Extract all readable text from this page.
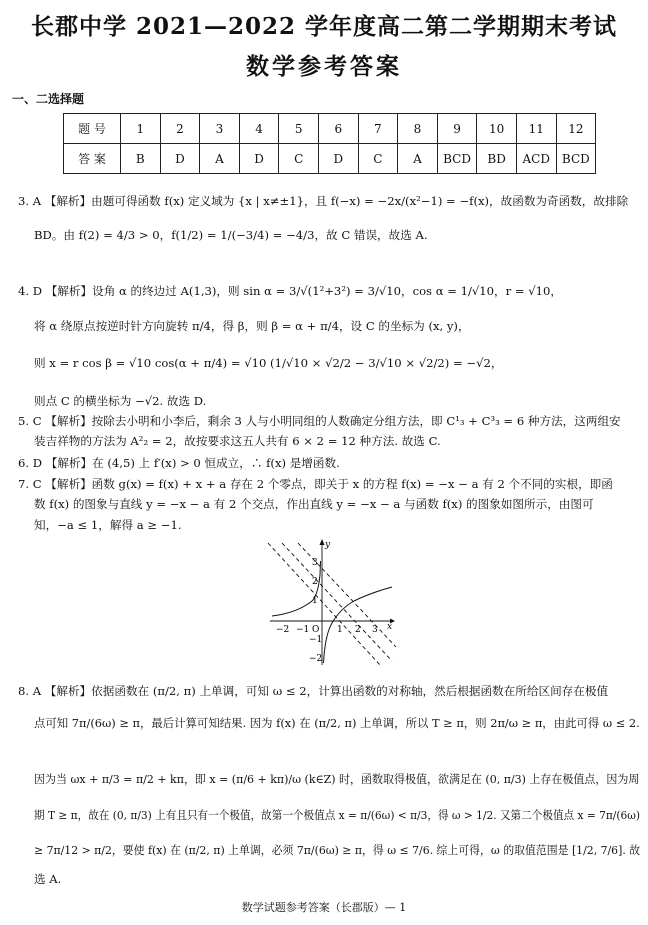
长郡中学 2021—2022 学年度高二第二学期期末考试
数学参考答案
一、二选择题
题 号	1	2	3	4	5	6	7	8	9	10	11	12
答 案	B	D	A	D	C	D	C	A	BCD	BD	ACD	BCD
3. A 【解析】由题可得函数 f(x) 定义域为 {x | x≠±1}，且 f(−x) = −2x/(x²−1) = −f(x)，故函数为奇函数，故排除
BD。由 f(2) = 4/3 > 0，f(1/2) = 1/(−3/4) = −4/3，故 C 错误，故选 A.
4. D 【解析】设角 α 的终边过 A(1,3)，则 sin α = 3/√(1²+3²) = 3/√10，cos α = 1/√10，r = √10，
将 α 绕原点按逆时针方向旋转 π/4，得 β，则 β = α + π/4，设 C 的坐标为 (x, y)，
则 x = r cos β = √10 cos(α + π/4) = √10 (1/√10 × √2/2 − 3/√10 × √2/2) = −√2，
则点 C 的横坐标为 −√2. 故选 D.
5. C 【解析】按除去小明和小李后，剩余 3 人与小明同组的人数确定分组方法，即 C¹₃ + C³₃ = 6 种方法，这两组安
装吉祥物的方法为 A²₂ = 2，故按要求这五人共有 6 × 2 = 12 种方法. 故选 C.
6. D 【解析】在 (4,5) 上 f′(x) > 0 恒成立，∴ f(x) 是增函数.
7. C 【解析】函数 g(x) = f(x) + x + a 存在 2 个零点，即关于 x 的方程 f(x) = −x − a 有 2 个不同的实根，即函
数 f(x) 的图象与直线 y = −x − a 有 2 个交点，作出直线 y = −x − a 与函数 f(x) 的图象如图所示，由图可
知，−a ≤ 1，解得 a ≥ −1.
−2 −1 O 1 2 3 x
3
2
1
−1
−2
y
8. A 【解析】依据函数在 (π/2, π) 上单调，可知 ω ≤ 2，计算出函数的对称轴，然后根据函数在所给区间存在极值
点可知 7π/(6ω) ≥ π，最后计算可知结果. 因为 f(x) 在 (π/2, π) 上单调，所以 T ≥ π，则 2π/ω ≥ π，由此可得 ω ≤ 2.
因为当 ωx + π/3 = π/2 + kπ，即 x = (π/6 + kπ)/ω (k∈Z) 时，函数取得极值，欲满足在 (0, π/3) 上存在极值点，因为周
期 T ≥ π，故在 (0, π/3) 上有且只有一个极值，故第一个极值点 x = π/(6ω) < π/3，得 ω > 1/2. 又第二个极值点 x = 7π/(6ω)
≥ 7π/12 > π/2，要使 f(x) 在 (π/2, π) 上单调，必须 7π/(6ω) ≥ π，得 ω ≤ 7/6. 综上可得，ω 的取值范围是 [1/2, 7/6]. 故
选 A.
数学试题参考答案（长郡版）— 1
